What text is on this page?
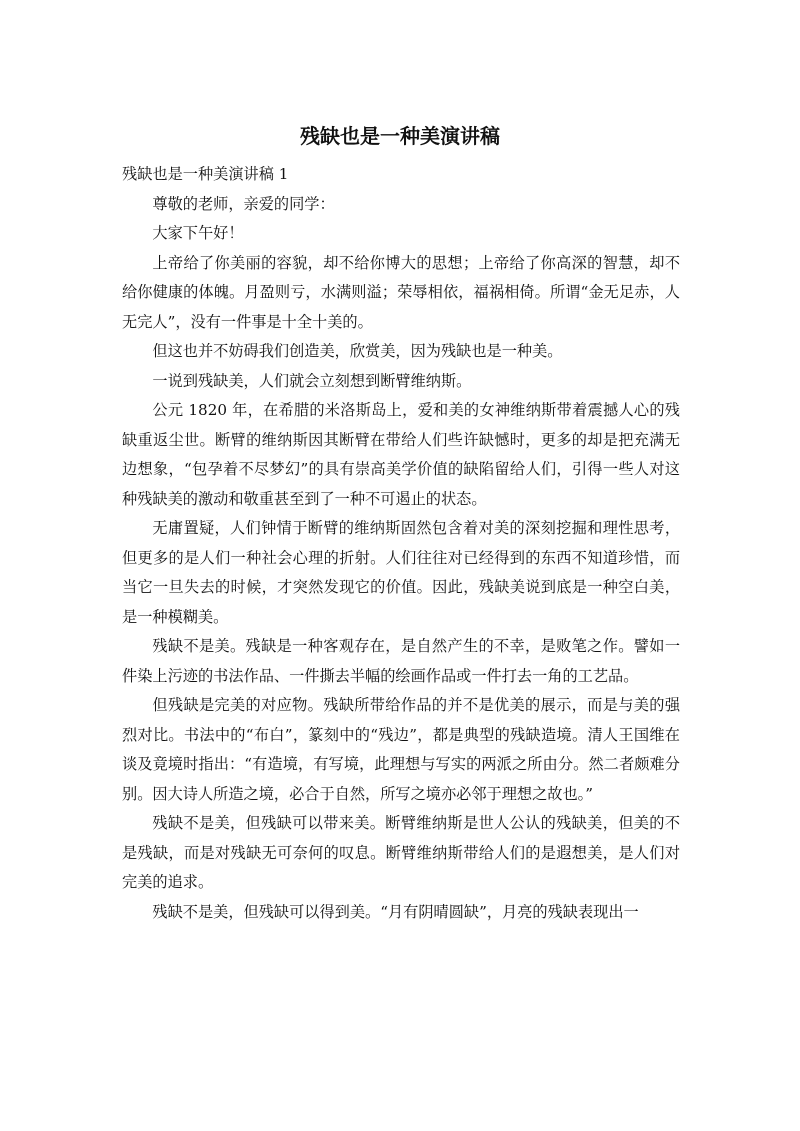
残缺也是一种美演讲稿

残缺也是一种美演讲稿 1

尊敬的老师，亲爱的同学：

大家下午好！

上帝给了你美丽的容貌，却不给你博大的思想；上帝给了你高深的智慧，却不给你健康的体魄。月盈则亏，水满则溢；荣辱相依，福祸相倚。所谓“金无足赤，人无完人”，没有一件事是十全十美的。

但这也并不妨碍我们创造美，欣赏美，因为残缺也是一种美。

一说到残缺美，人们就会立刻想到断臂维纳斯。

公元 1820 年，在希腊的米洛斯岛上，爱和美的女神维纳斯带着震撼人心的残缺重返尘世。断臂的维纳斯因其断臂在带给人们些许缺憾时，更多的却是把充满无边想象，“包孕着不尽梦幻”的具有崇高美学价值的缺陷留给人们，引得一些人对这种残缺美的激动和敬重甚至到了一种不可遏止的状态。

无庸置疑，人们钟情于断臂的维纳斯固然包含着对美的深刻挖掘和理性思考，但更多的是人们一种社会心理的折射。人们往往对已经得到的东西不知道珍惜，而当它一旦失去的时候，才突然发现它的价值。因此，残缺美说到底是一种空白美，是一种模糊美。

残缺不是美。残缺是一种客观存在，是自然产生的不幸，是败笔之作。譬如一件染上污迹的书法作品、一件撕去半幅的绘画作品或一件打去一角的工艺品。

但残缺是完美的对应物。残缺所带给作品的并不是优美的展示，而是与美的强烈对比。书法中的“布白”，篆刻中的“残边”，都是典型的残缺造境。清人王国维在谈及竟境时指出：“有造境，有写境，此理想与写实的两派之所由分。然二者颇难分别。因大诗人所造之境，必合于自然，所写之境亦必邻于理想之故也。”

残缺不是美，但残缺可以带来美。断臂维纳斯是世人公认的残缺美，但美的不是残缺，而是对残缺无可奈何的叹息。断臂维纳斯带给人们的是遐想美，是人们对完美的追求。

残缺不是美，但残缺可以得到美。“月有阴晴圆缺”，月亮的残缺表现出一
